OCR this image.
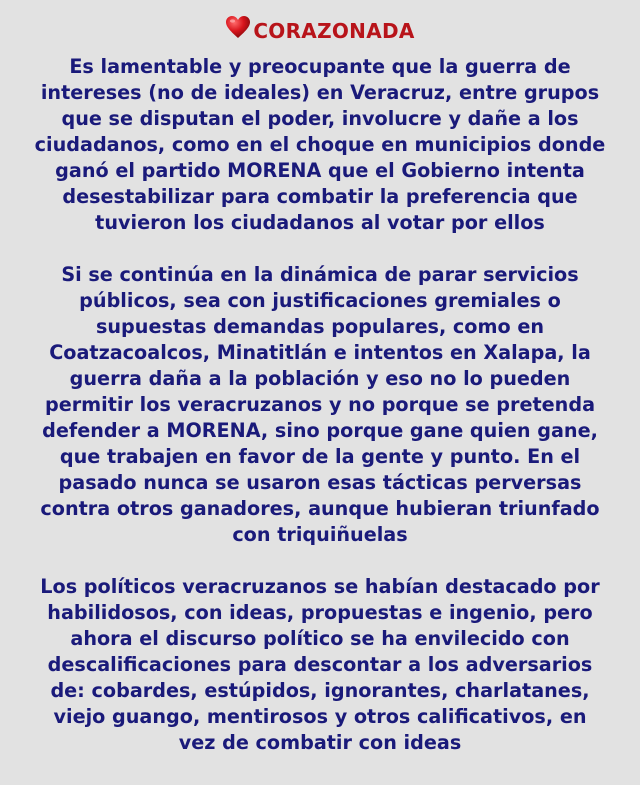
CORAZONADA
Es lamentable y preocupante que la guerra de
intereses (no de ideales) en Veracruz, entre grupos
que se disputan el poder, involucre y dañe a los
ciudadanos, como en el choque en municipios donde
ganó el partido MORENA que el Gobierno intenta
desestabilizar para combatir la preferencia que
tuvieron los ciudadanos al votar por ellos
Si se continúa en la dinámica de parar servicios
públicos, sea con justificaciones gremiales o
supuestas demandas populares, como en
Coatzacoalcos, Minatitlán e intentos en Xalapa, la
guerra daña a la población y eso no lo pueden
permitir los veracruzanos y no porque se pretenda
defender a MORENA, sino porque gane quien gane,
que trabajen en favor de la gente y punto. En el
pasado nunca se usaron esas tácticas perversas
contra otros ganadores, aunque hubieran triunfado
con triquiñuelas
Los políticos veracruzanos se habían destacado por
habilidosos, con ideas, propuestas e ingenio, pero
ahora el discurso político se ha envilecido con
descalificaciones para descontar a los adversarios
de: cobardes, estúpidos, ignorantes, charlatanes,
viejo guango, mentirosos y otros calificativos, en
vez de combatir con ideas
